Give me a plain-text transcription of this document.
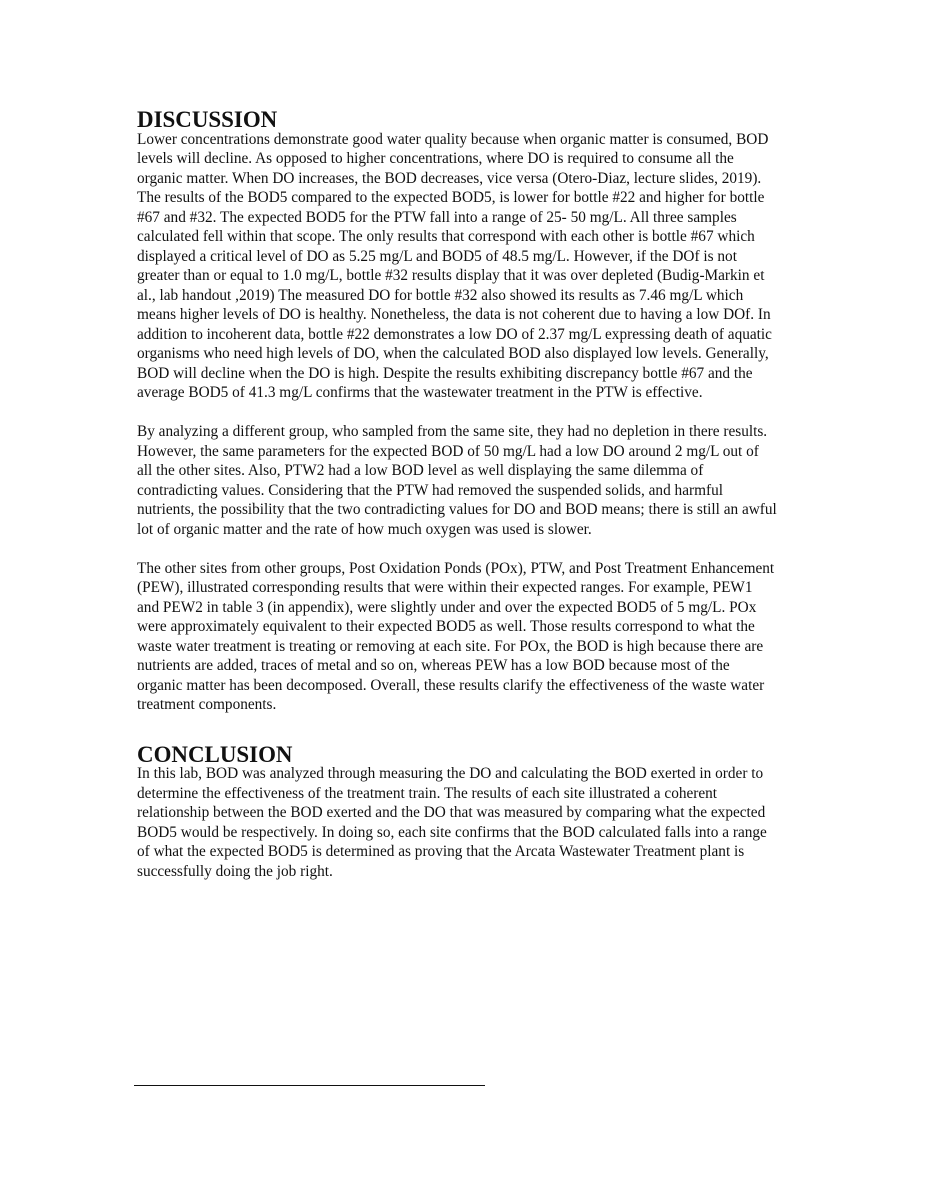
DISCUSSION

Lower concentrations demonstrate good water quality because when organic matter is consumed, BOD levels will decline. As opposed to higher concentrations, where DO is required to consume all the organic matter. When DO increases, the BOD decreases, vice versa (Otero-Diaz, lecture slides, 2019). The results of the BOD5 compared to the expected BOD5, is lower for bottle #22 and higher for bottle #67 and #32. The expected BOD5 for the PTW fall into a range of 25- 50 mg/L. All three samples calculated fell within that scope. The only results that correspond with each other is bottle #67 which displayed a critical level of DO as 5.25 mg/L and BOD5 of 48.5 mg/L. However, if the DOf is not greater than or equal to 1.0 mg/L, bottle #32 results display that it was over depleted (Budig-Markin et al., lab handout ,2019) The measured DO for bottle #32 also showed its results as 7.46 mg/L which means higher levels of DO is healthy. Nonetheless, the data is not coherent due to having a low DOf. In addition to incoherent data, bottle #22 demonstrates a low DO of 2.37 mg/L expressing death of aquatic organisms who need high levels of DO, when the calculated BOD also displayed low levels. Generally, BOD will decline when the DO is high. Despite the results exhibiting discrepancy bottle #67 and the average BOD5 of 41.3 mg/L confirms that the wastewater treatment in the PTW is effective.

By analyzing a different group, who sampled from the same site, they had no depletion in there results. However, the same parameters for the expected BOD of 50 mg/L had a low DO around 2 mg/L out of all the other sites. Also, PTW2 had a low BOD level as well displaying the same dilemma of contradicting values. Considering that the PTW had removed the suspended solids, and harmful nutrients, the possibility that the two contradicting values for DO and BOD means; there is still an awful lot of organic matter and the rate of how much oxygen was used is slower.

The other sites from other groups, Post Oxidation Ponds (POx), PTW, and Post Treatment Enhancement (PEW), illustrated corresponding results that were within their expected ranges. For example, PEW1 and PEW2 in table 3 (in appendix), were slightly under and over the expected BOD5 of 5 mg/L. POx were approximately equivalent to their expected BOD5 as well. Those results correspond to what the waste water treatment is treating or removing at each site. For POx, the BOD is high because there are nutrients are added, traces of metal and so on, whereas PEW has a low BOD because most of the organic matter has been decomposed. Overall, these results clarify the effectiveness of the waste water treatment components.

CONCLUSION

In this lab, BOD was analyzed through measuring the DO and calculating the BOD exerted in order to determine the effectiveness of the treatment train. The results of each site illustrated a coherent relationship between the BOD exerted and the DO that was measured by comparing what the expected BOD5 would be respectively. In doing so, each site confirms that the BOD calculated falls into a range of what the expected BOD5 is determined as proving that the Arcata Wastewater Treatment plant is successfully doing the job right.
